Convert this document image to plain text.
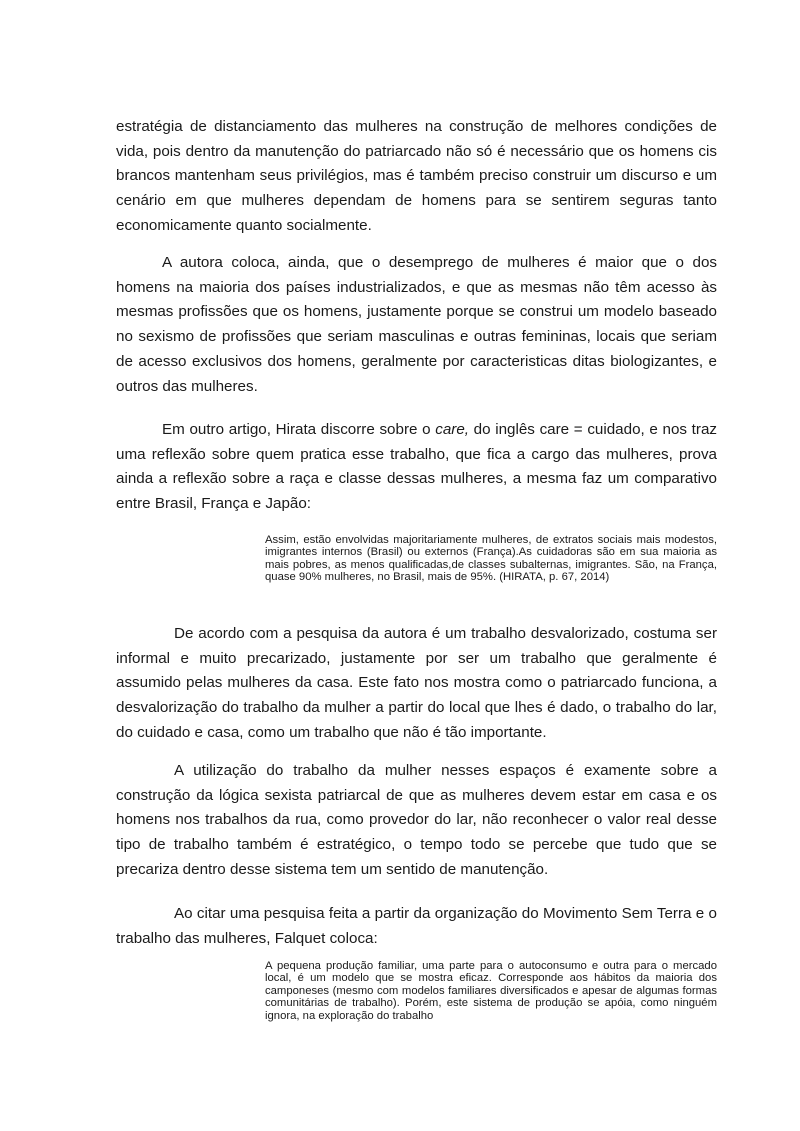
estratégia de distanciamento das mulheres na construção de melhores condições de vida, pois dentro da manutenção do patriarcado não só é necessário que os homens cis brancos mantenham seus privilégios, mas é também preciso construir um discurso e um cenário em que mulheres dependam de homens para se sentirem seguras tanto economicamente quanto socialmente.

A autora coloca, ainda, que o desemprego de mulheres é maior que o dos homens na maioria dos países industrializados, e que as mesmas não têm acesso às mesmas profissões que os homens, justamente porque se construi um modelo baseado no sexismo de profissões que seriam masculinas e outras femininas, locais que seriam de acesso exclusivos dos homens, geralmente por caracteristicas ditas biologizantes, e outros das mulheres.

Em outro artigo, Hirata discorre sobre o care, do inglês care = cuidado, e nos traz uma reflexão sobre quem pratica esse trabalho, que fica a cargo das mulheres, prova ainda a reflexão sobre a raça e classe dessas mulheres, a mesma faz um comparativo entre Brasil, França e Japão:

Assim, estão envolvidas majoritariamente mulheres, de extratos sociais mais modestos, imigrantes internos (Brasil) ou externos (França).As cuidadoras são em sua maioria as mais pobres, as menos qualificadas,de classes subalternas, imigrantes. São, na França, quase 90% mulheres, no Brasil, mais de 95%. (HIRATA, p. 67, 2014)

De acordo com a pesquisa da autora é um trabalho desvalorizado, costuma ser informal e muito precarizado, justamente por ser um trabalho que geralmente é assumido pelas mulheres da casa. Este fato nos mostra como o patriarcado funciona, a desvalorização do trabalho da mulher a partir do local que lhes é dado, o trabalho do lar, do cuidado e casa, como um trabalho que não é tão importante.

A utilização do trabalho da mulher nesses espaços é examente sobre a construção da lógica sexista patriarcal de que as mulheres devem estar em casa e os homens nos trabalhos da rua, como provedor do lar, não reconhecer o valor real desse tipo de trabalho também é estratégico, o tempo todo se percebe que tudo que se precariza dentro desse sistema tem um sentido de manutenção.

Ao citar uma pesquisa feita a partir da organização do Movimento Sem Terra e o trabalho das mulheres, Falquet coloca:

A pequena produção familiar, uma parte para o autoconsumo e outra para o mercado local, é um modelo que se mostra eficaz. Corresponde aos hábitos da maioria dos camponeses (mesmo com modelos familiares diversificados e apesar de algumas formas comunitárias de trabalho). Porém, este sistema de produção se apóia, como ninguém ignora, na exploração do trabalho
